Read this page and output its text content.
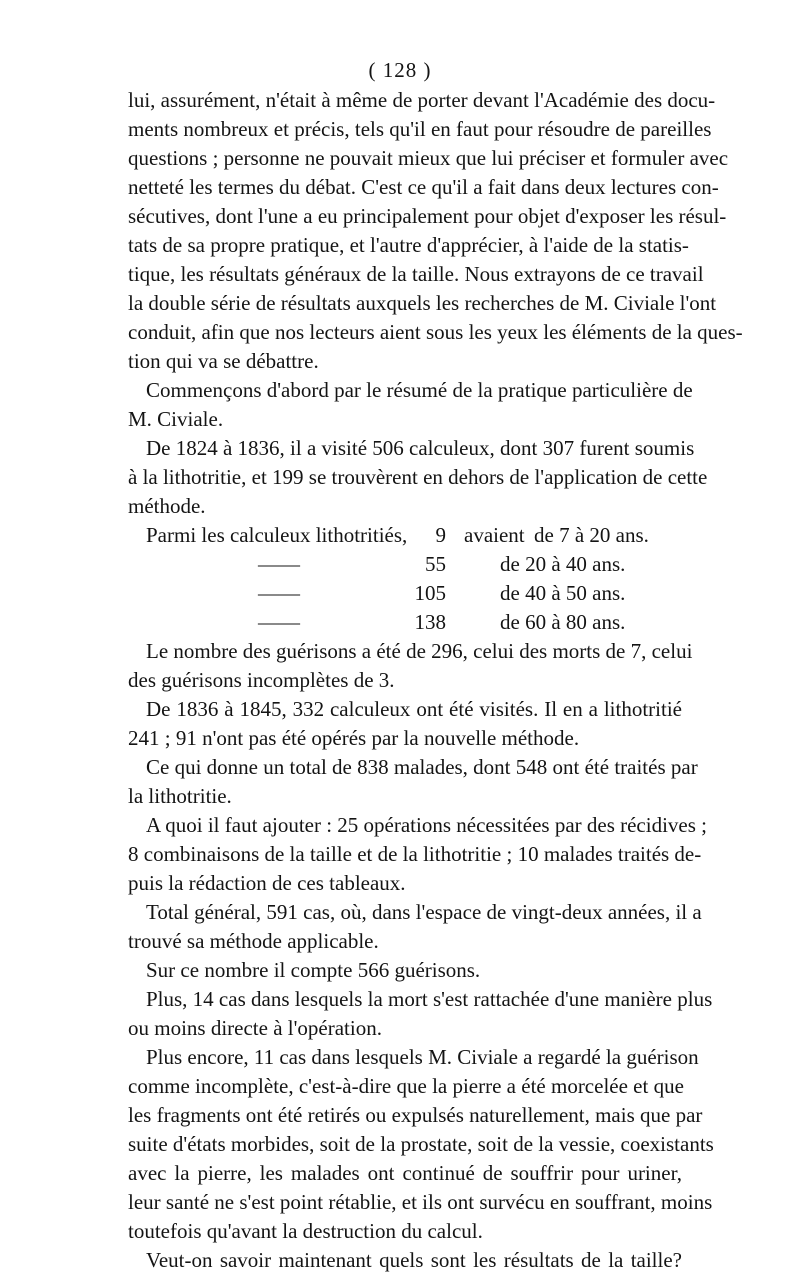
( 128 )
lui, assurément, n'était à même de porter devant l'Académie des docu-
ments nombreux et précis, tels qu'il en faut pour résoudre de pareilles
questions ; personne ne pouvait mieux que lui préciser et formuler avec
netteté les termes du débat. C'est ce qu'il a fait dans deux lectures con-
sécutives, dont l'une a eu principalement pour objet d'exposer les résul-
tats de sa propre pratique, et l'autre d'apprécier, à l'aide de la statis-
tique, les résultats généraux de la taille. Nous extrayons de ce travail
la double série de résultats auxquels les recherches de M. Civiale l'ont
conduit, afin que nos lecteurs aient sous les yeux les éléments de la ques-
tion qui va se débattre.
Commençons d'abord par le résumé de la pratique particulière de
M. Civiale.
De 1824 à 1836, il a visité 506 calculeux, dont 307 furent soumis
à la lithotritie, et 199 se trouvèrent en dehors de l'application de cette
méthode.
Parmi les calculeux lithotritiés,	9 avaient de 7 à 20 ans.
——	55	de 20 à 40 ans.
——	105	de 40 à 50 ans.
——	138	de 60 à 80 ans.
Le nombre des guérisons a été de 296, celui des morts de 7, celui
des guérisons incomplètes de 3.
De 1836 à 1845, 332 calculeux ont été visités. Il en a lithotritié
241 ; 91 n'ont pas été opérés par la nouvelle méthode.
Ce qui donne un total de 838 malades, dont 548 ont été traités par
la lithotritie.
A quoi il faut ajouter : 25 opérations nécessitées par des récidives ;
8 combinaisons de la taille et de la lithotritie ; 10 malades traités de-
puis la rédaction de ces tableaux.
Total général, 591 cas, où, dans l'espace de vingt-deux années, il a
trouvé sa méthode applicable.
Sur ce nombre il compte 566 guérisons.
Plus, 14 cas dans lesquels la mort s'est rattachée d'une manière plus
ou moins directe à l'opération.
Plus encore, 11 cas dans lesquels M. Civiale a regardé la guérison
comme incomplète, c'est-à-dire que la pierre a été morcelée et que
les fragments ont été retirés ou expulsés naturellement, mais que par
suite d'états morbides, soit de la prostate, soit de la vessie, coexistants
avec la pierre, les malades ont continué de souffrir pour uriner,
leur santé ne s'est point rétablie, et ils ont survécu en souffrant, moins
toutefois qu'avant la destruction du calcul.
Veut-on savoir maintenant quels sont les résultats de la taille?
